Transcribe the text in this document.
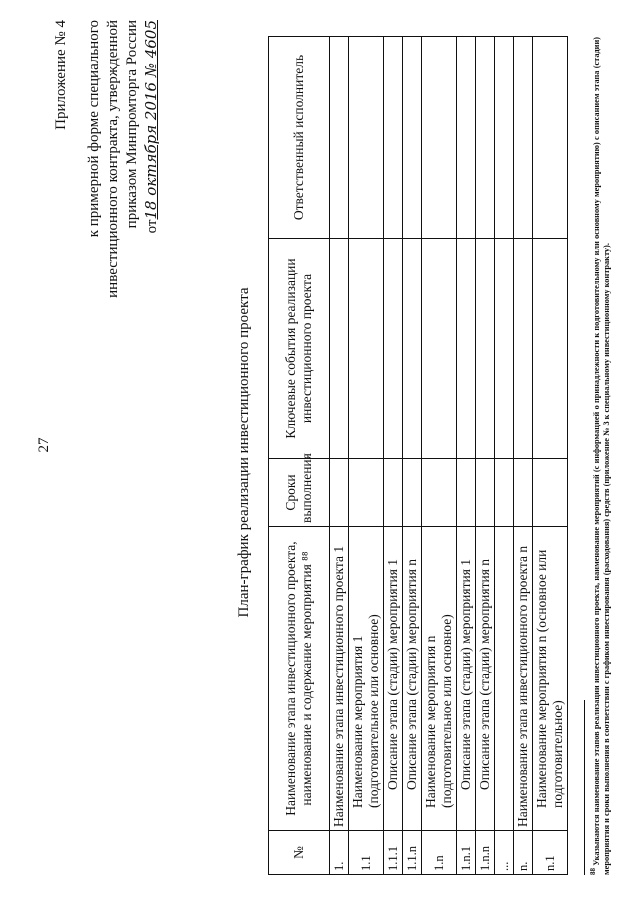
27
Приложение № 4 к примерной форме специального инвестиционного контракта, утвержденной приказом Минпромторга России от18 октября 2016 № 4605
План-график реализации инвестиционного проекта
№	Наименование этапа инвестиционного проекта, наименование и содержание мероприятия ⁸⁸	Сроки выполнения	Ключевые события реализации инвестиционного проекта	Ответственный исполнитель
1.	Наименование этапа инвестиционного проекта 1			
1.1	Наименование мероприятия 1 (подготовительное или основное)			
1.1.1	Описание этапа (стадии) мероприятия 1			
1.1.n	Описание этапа (стадии) мероприятия n			
1.n	Наименование мероприятия n (подготовительное или основное)			
1.n.1	Описание этапа (стадии) мероприятия 1			
1.n.n	Описание этапа (стадии) мероприятия n			
...				
n.	Наименование этапа инвестиционного проекта n			
n.1	Наименование мероприятия n (основное или подготовительное)			
$^{88}$ Указываются наименование этапов реализации инвестиционного проекта, наименование мероприятий (с информацией о принадлежности к подготовительному или основному мероприятию) с описанием этапа (стадии) мероприятия и сроки выполнения в соответствии с графиком инвестирования (расходования) средств (приложение № 3 к специальному инвестиционному контракту).
